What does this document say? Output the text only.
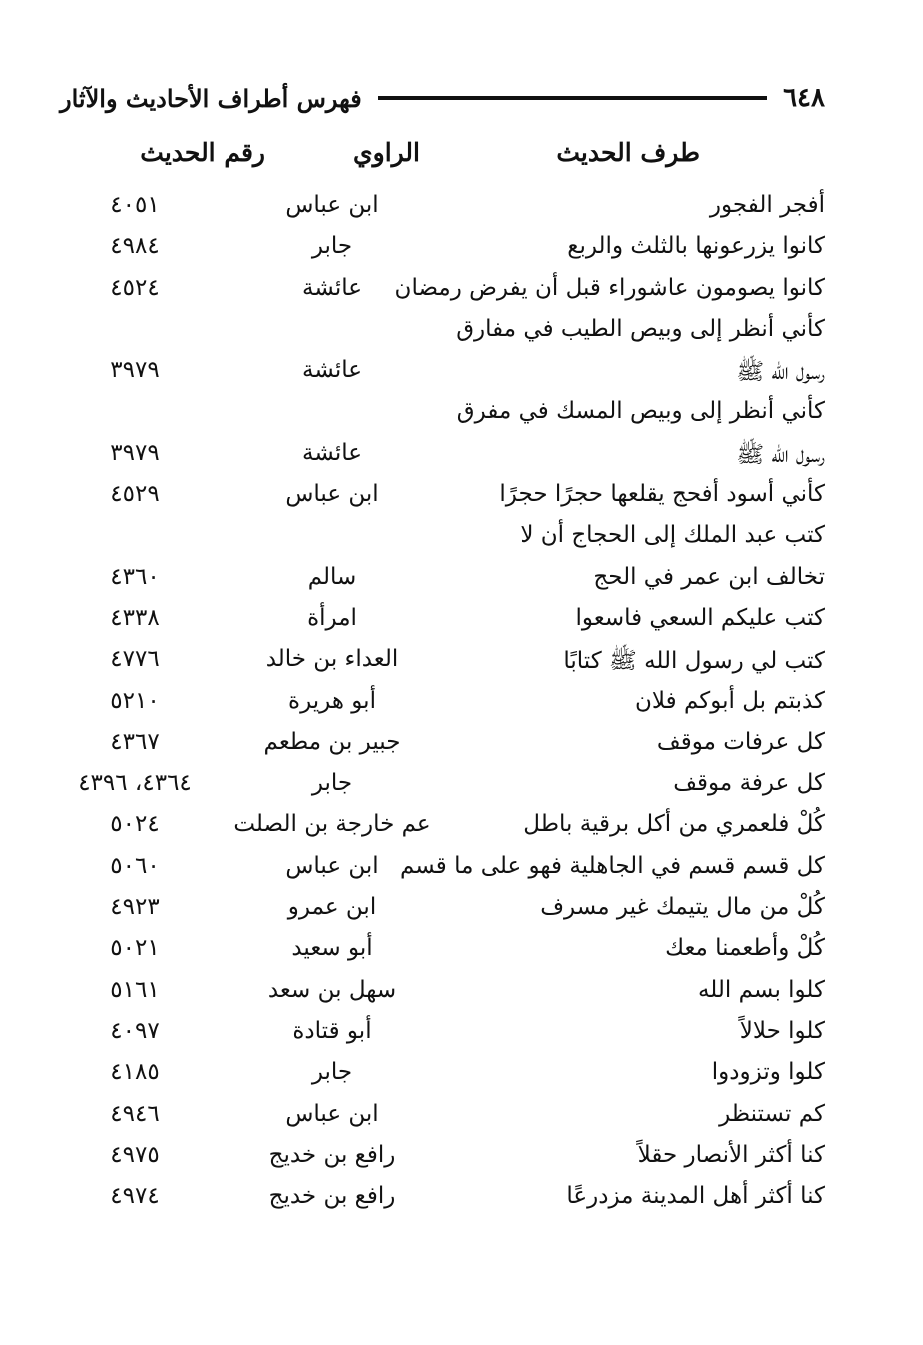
٦٤٨
فهرس أطراف الأحاديث والآثار
طرف الحديث
الراوي
رقم الحديث
أفجر الفجور
ابن عباس
٤٠٥١
كانوا يزرعونها بالثلث والربع
جابر
٤٩٨٤
كانوا يصومون عاشوراء قبل أن يفرض رمضان
عائشة
٤٥٢٤
كأني أنظر إلى وبيص الطيب في مفارق
رسول الله ﷺ
عائشة
٣٩٧٩
كأني أنظر إلى وبيص المسك في مفرق
رسول الله ﷺ
عائشة
٣٩٧٩
كأني أسود أفحج يقلعها حجرًا حجرًا
ابن عباس
٤٥٢٩
كتب عبد الملك إلى الحجاج أن لا
تخالف ابن عمر في الحج
سالم
٤٣٦٠
كتب عليكم السعي فاسعوا
امرأة
٤٣٣٨
كتب لي رسول الله ﷺ كتابًا
العداء بن خالد
٤٧٧٦
كذبتم بل أبوكم فلان
أبو هريرة
٥٢١٠
كل عرفات موقف
جبير بن مطعم
٤٣٦٧
كل عرفة موقف
جابر
٤٣٦٤، ٤٣٩٦
كُلْ فلعمري من أكل برقية باطل
عم خارجة بن الصلت
٥٠٢٤
كل قسم قسم في الجاهلية فهو على ما قسم
ابن عباس
٥٠٦٠
كُلْ من مال يتيمك غير مسرف
ابن عمرو
٤٩٢٣
كُلْ وأطعمنا معك
أبو سعيد
٥٠٢١
كلوا بسم الله
سهل بن سعد
٥١٦١
كلوا حلالاً
أبو قتادة
٤٠٩٧
كلوا وتزودوا
جابر
٤١٨٥
كم تستنظر
ابن عباس
٤٩٤٦
كنا أكثر الأنصار حقلاً
رافع بن خديج
٤٩٧٥
كنا أكثر أهل المدينة مزدرعًا
رافع بن خديج
٤٩٧٤
